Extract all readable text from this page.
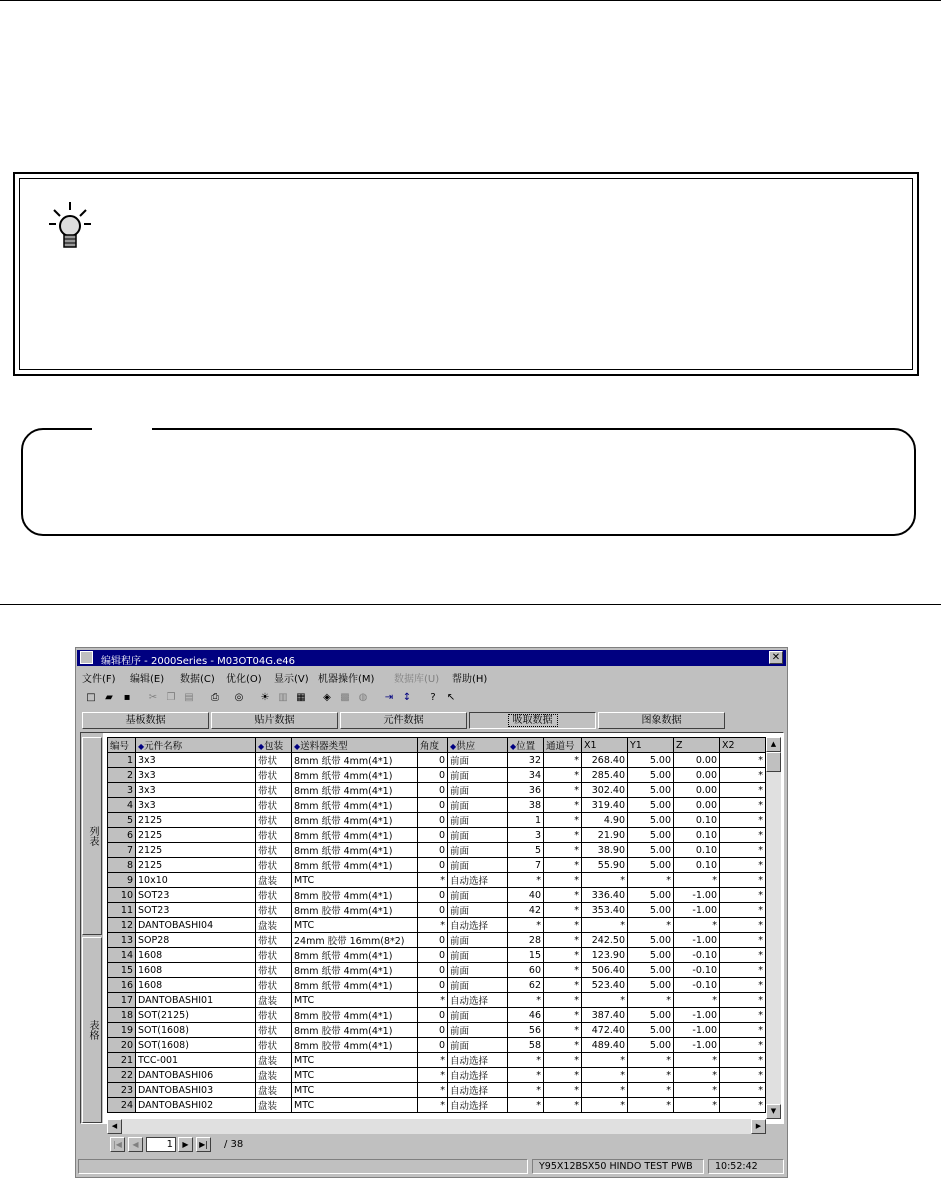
编辑程序 - 2000Series - M03OT04G.e46	✕
文件(F) 编辑(E) 数据(C) 优化(O) 显示(V) 机器操作(M) 数据库(U) 帮助(H)
□ ▰	▪	✂ ❐ ▤	⎙	◎	☀ ▥ ▦	◈ ▩ ◍	⇥ ↕	?	↖
基板数据	贴片数据	元件数据	吸取数据	图象数据
列表
表格
编号	◆元件名称	◆包装	◆送料器类型	角度	◆供应	◆位置	通道号	X1	Y1	Z	X2
1	3x3	带状	8mm 纸带 4mm(4*1)	0	前面	32	*	268.40	5.00	0.00	*
2	3x3	带状	8mm 纸带 4mm(4*1)	0	前面	34	*	285.40	5.00	0.00	*
3	3x3	带状	8mm 纸带 4mm(4*1)	0	前面	36	*	302.40	5.00	0.00	*
4	3x3	带状	8mm 纸带 4mm(4*1)	0	前面	38	*	319.40	5.00	0.00	*
5	2125	带状	8mm 纸带 4mm(4*1)	0	前面	1	*	4.90	5.00	0.10	*
6	2125	带状	8mm 纸带 4mm(4*1)	0	前面	3	*	21.90	5.00	0.10	*
7	2125	带状	8mm 纸带 4mm(4*1)	0	前面	5	*	38.90	5.00	0.10	*
8	2125	带状	8mm 纸带 4mm(4*1)	0	前面	7	*	55.90	5.00	0.10	*
9	10x10	盘装	MTC	*	自动选择	*	*	*	*	*	*
10	SOT23	带状	8mm 胶带 4mm(4*1)	0	前面	40	*	336.40	5.00	-1.00	*
11	SOT23	带状	8mm 胶带 4mm(4*1)	0	前面	42	*	353.40	5.00	-1.00	*
12	DANTOBASHI04	盘装	MTC	*	自动选择	*	*	*	*	*	*
13	SOP28	带状	24mm 胶带 16mm(8*2)	0	前面	28	*	242.50	5.00	-1.00	*
14	1608	带状	8mm 纸带 4mm(4*1)	0	前面	15	*	123.90	5.00	-0.10	*
15	1608	带状	8mm 纸带 4mm(4*1)	0	前面	60	*	506.40	5.00	-0.10	*
16	1608	带状	8mm 纸带 4mm(4*1)	0	前面	62	*	523.40	5.00	-0.10	*
17	DANTOBASHI01	盘装	MTC	*	自动选择	*	*	*	*	*	*
18	SOT(2125)	带状	8mm 胶带 4mm(4*1)	0	前面	46	*	387.40	5.00	-1.00	*
19	SOT(1608)	带状	8mm 胶带 4mm(4*1)	0	前面	56	*	472.40	5.00	-1.00	*
20	SOT(1608)	带状	8mm 胶带 4mm(4*1)	0	前面	58	*	489.40	5.00	-1.00	*
21	TCC-001	盘装	MTC	*	自动选择	*	*	*	*	*	*
22	DANTOBASHI06	盘装	MTC	*	自动选择	*	*	*	*	*	*
23	DANTOBASHI03	盘装	MTC	*	自动选择	*	*	*	*	*	*
24	DANTOBASHI02	盘装	MTC	*	自动选择	*	*	*	*	*	*
▲
▼
◀	▶
|◀	◀	1	▶	▶|	/ 38
Y95X12BSX50 HINDO TEST PWB	10:52:42
